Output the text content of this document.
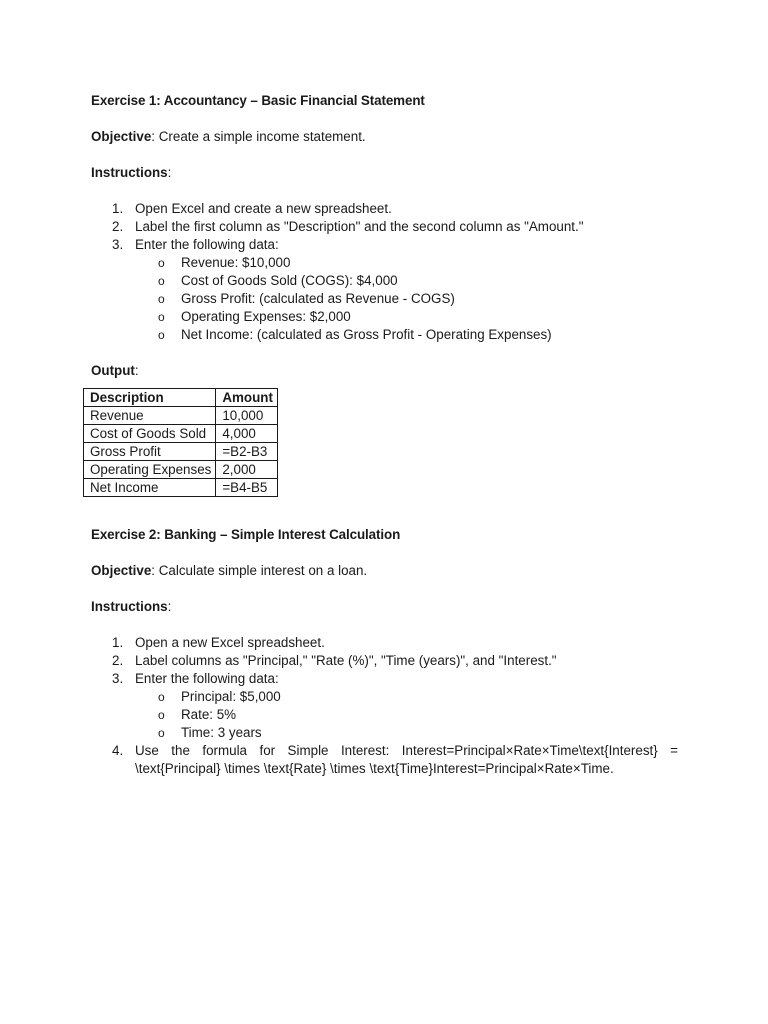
Exercise 1: Accountancy – Basic Financial Statement

Objective: Create a simple income statement.

Instructions:

1. Open Excel and create a new spreadsheet.
2. Label the first column as "Description" and the second column as "Amount."
3. Enter the following data:
o Revenue: $10,000
o Cost of Goods Sold (COGS): $4,000
o Gross Profit: (calculated as Revenue - COGS)
o Operating Expenses: $2,000
o Net Income: (calculated as Gross Profit - Operating Expenses)

Output:

Description	Amount
Revenue	10,000
Cost of Goods Sold	4,000
Gross Profit	=B2-B3
Operating Expenses	2,000
Net Income	=B4-B5

Exercise 2: Banking – Simple Interest Calculation

Objective: Calculate simple interest on a loan.

Instructions:

1. Open a new Excel spreadsheet.
2. Label columns as "Principal," "Rate (%)", "Time (years)", and "Interest."
3. Enter the following data:
o Principal: $5,000
o Rate: 5%
o Time: 3 years
4. Use the formula for Simple Interest: Interest=Principal×Rate×Time\text{Interest} = \text{Principal} \times \text{Rate} \times \text{Time}Interest=Principal×Rate×Time.
